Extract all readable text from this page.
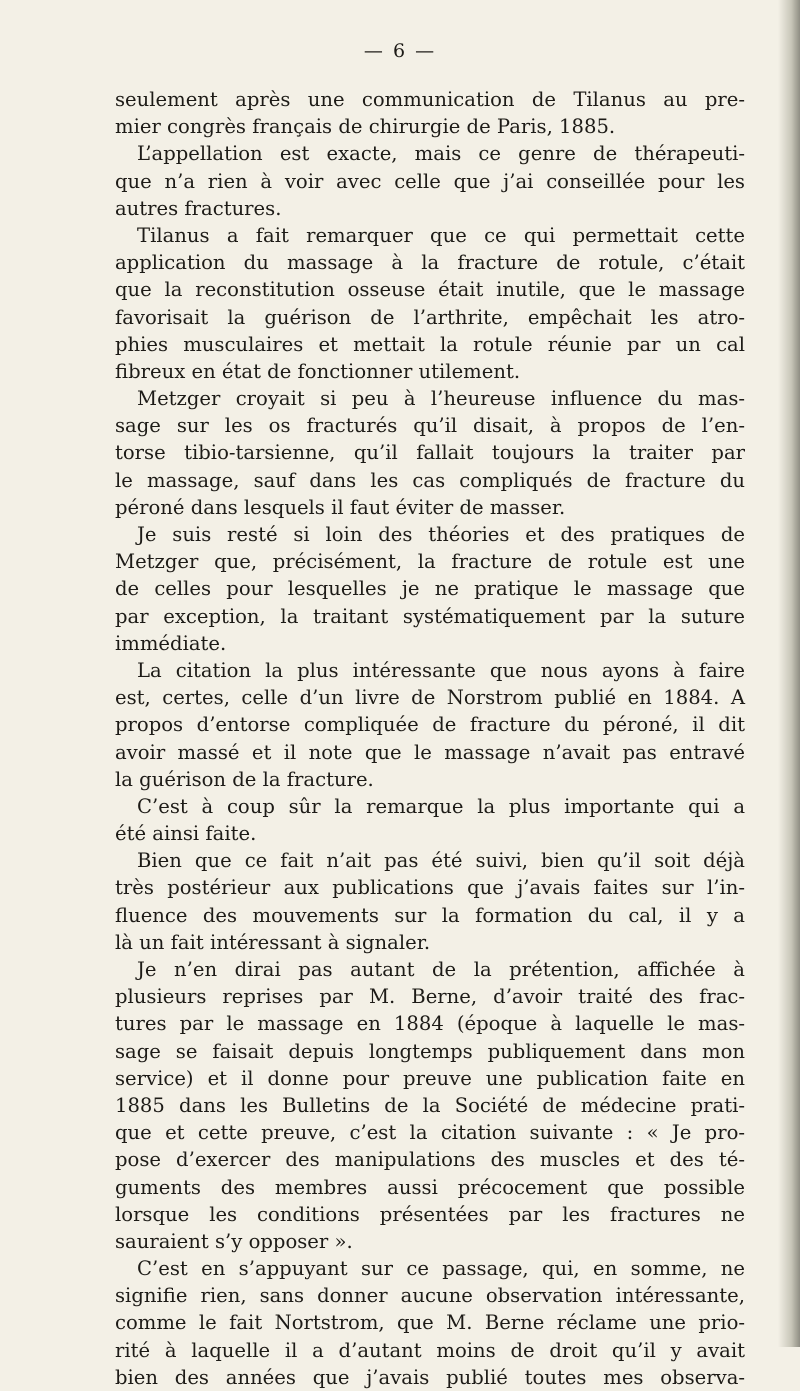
— 6 —
seulement après une communication de Tilanus au pre-
mier congrès français de chirurgie de Paris, 1885.
L’appellation est exacte, mais ce genre de thérapeuti-
que n’a rien à voir avec celle que j’ai conseillée pour les
autres fractures.
Tilanus a fait remarquer que ce qui permettait cette
application du massage à la fracture de rotule, c’était
que la reconstitution osseuse était inutile, que le massage
favorisait la guérison de l’arthrite, empêchait les atro-
phies musculaires et mettait la rotule réunie par un cal
fibreux en état de fonctionner utilement.
Metzger croyait si peu à l’heureuse influence du mas-
sage sur les os fracturés qu’il disait, à propos de l’en-
torse tibio-tarsienne, qu’il fallait toujours la traiter par
le massage, sauf dans les cas compliqués de fracture du
péroné dans lesquels il faut éviter de masser.
Je suis resté si loin des théories et des pratiques de
Metzger que, précisément, la fracture de rotule est une
de celles pour lesquelles je ne pratique le massage que
par exception, la traitant systématiquement par la suture
immédiate.
La citation la plus intéressante que nous ayons à faire
est, certes, celle d’un livre de Norstrom publié en 1884. A
propos d’entorse compliquée de fracture du péroné, il dit
avoir massé et il note que le massage n’avait pas entravé
la guérison de la fracture.
C’est à coup sûr la remarque la plus importante qui a
été ainsi faite.
Bien que ce fait n’ait pas été suivi, bien qu’il soit déjà
très postérieur aux publications que j’avais faites sur l’in-
fluence des mouvements sur la formation du cal, il y a
là un fait intéressant à signaler.
Je n’en dirai pas autant de la prétention, affichée à
plusieurs reprises par M. Berne, d’avoir traité des frac-
tures par le massage en 1884 (époque à laquelle le mas-
sage se faisait depuis longtemps publiquement dans mon
service) et il donne pour preuve une publication faite en
1885 dans les Bulletins de la Société de médecine prati-
que et cette preuve, c’est la citation suivante : « Je pro-
pose d’exercer des manipulations des muscles et des té-
guments des membres aussi précocement que possible
lorsque les conditions présentées par les fractures ne
sauraient s’y opposer ».
C’est en s’appuyant sur ce passage, qui, en somme, ne
signifie rien, sans donner aucune observation intéressante,
comme le fait Nortstrom, que M. Berne réclame une prio-
rité à laquelle il a d’autant moins de droit qu’il y avait
bien des années que j’avais publié toutes mes observa-
